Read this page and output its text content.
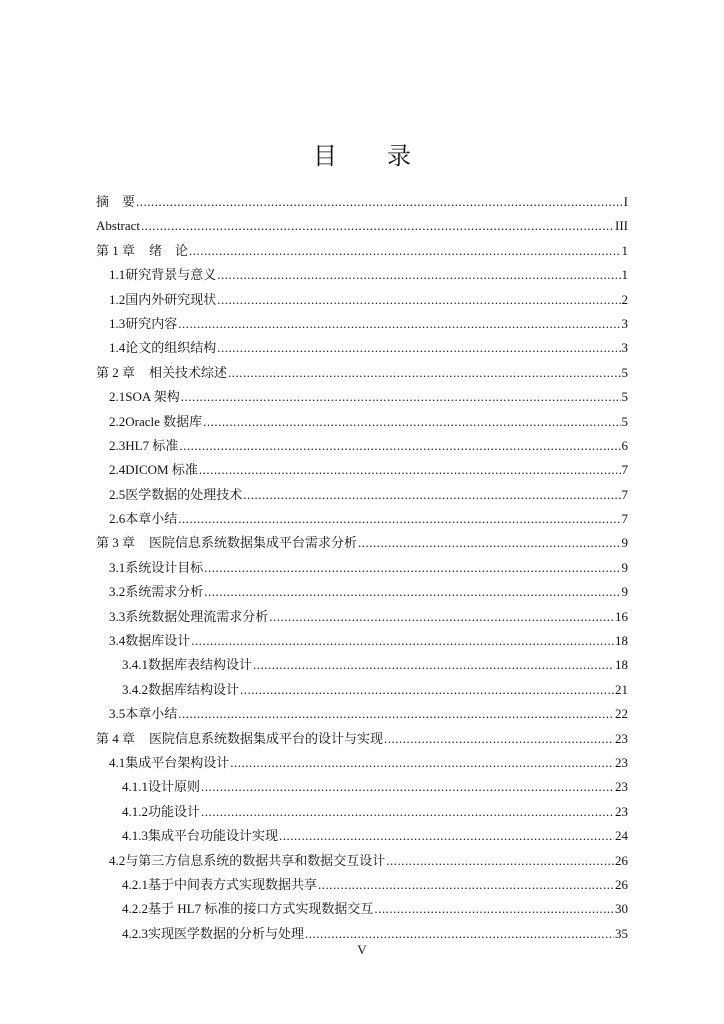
目 录
摘    要 .....	I
Abstract .....	III
第 1 章	绪    论 .....	1
1.1 研究背景与意义 .....	1
1.2 国内外研究现状 .....	2
1.3 研究内容 .....	3
1.4 论文的组织结构 .....	3
第 2 章	相关技术综述 .....	5
2.1 SOA 架构 .....	5
2.2 Oracle 数据库 .....	5
2.3 HL7 标准 .....	6
2.4 DICOM 标准 .....	7
2.5 医学数据的处理技术 .....	7
2.6 本章小结 .....	7
第 3 章	医院信息系统数据集成平台需求分析 .....	9
3.1 系统设计目标 .....	9
3.2 系统需求分析 .....	9
3.3 系统数据处理流需求分析 .....	16
3.4 数据库设计 .....	18
3.4.1 数据库表结构设计 .....	18
3.4.2 数据库结构设计 .....	21
3.5 本章小结 .....	22
第 4 章	医院信息系统数据集成平台的设计与实现 .....	23
4.1 集成平台架构设计 .....	23
4.1.1 设计原则 .....	23
4.1.2 功能设计 .....	23
4.1.3 集成平台功能设计实现 .....	24
4.2 与第三方信息系统的数据共享和数据交互设计 .....	26
4.2.1 基于中间表方式实现数据共享 .....	26
4.2.2 基于 HL7 标准的接口方式实现数据交互 .....	30
4.2.3 实现医学数据的分析与处理 .....	35
V
